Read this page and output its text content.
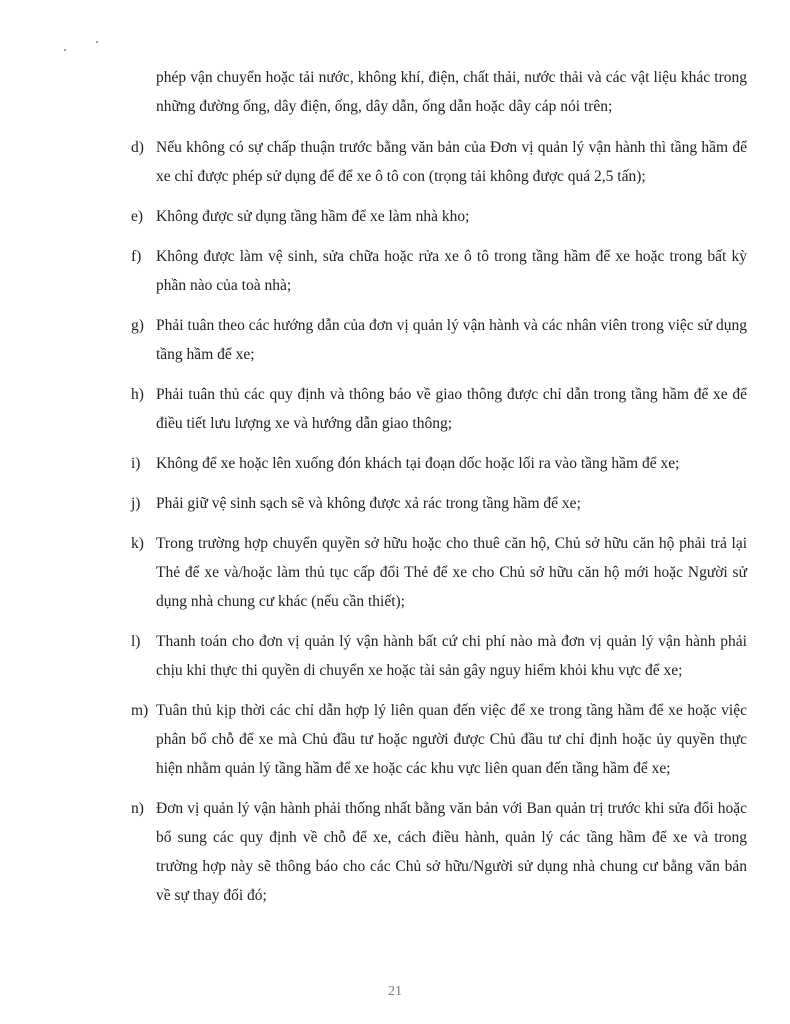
phép vận chuyển hoặc tải nước, không khí, điện, chất thải, nước thải và các vật liệu khác trong những đường ống, dây điện, ống, dây dẫn, ống dẫn hoặc dây cáp nói trên;
d) Nếu không có sự chấp thuận trước bằng văn bản của Đơn vị quản lý vận hành thì tầng hầm để xe chỉ được phép sử dụng để để xe ô tô con (trọng tải không được quá 2,5 tấn);
e) Không được sử dụng tầng hầm để xe làm nhà kho;
f) Không được làm vệ sinh, sửa chữa hoặc rửa xe ô tô trong tầng hầm để xe hoặc trong bất kỳ phần nào của toà nhà;
g) Phải tuân theo các hướng dẫn của đơn vị quản lý vận hành và các nhân viên trong việc sử dụng tầng hầm để xe;
h) Phải tuân thủ các quy định và thông báo về giao thông được chỉ dẫn trong tầng hầm để xe để điều tiết lưu lượng xe và hướng dẫn giao thông;
i)	Không để xe hoặc lên xuống đón khách tại đoạn dốc hoặc lối ra vào tầng hầm để xe;
j)	Phải giữ vệ sinh sạch sẽ và không được xả rác trong tầng hầm để xe;
k) Trong trường hợp chuyển quyền sở hữu hoặc cho thuê căn hộ, Chủ sở hữu căn hộ phải trả lại Thẻ để xe và/hoặc làm thủ tục cấp đổi Thẻ để xe cho Chủ sở hữu căn hộ mới hoặc Người sử dụng nhà chung cư khác (nếu cần thiết);
l)	Thanh toán cho đơn vị quản lý vận hành bất cứ chi phí nào mà đơn vị quản lý vận hành phải chịu khi thực thi quyền di chuyển xe hoặc tài sản gây nguy hiểm khỏi khu vực để xe;
m) Tuân thủ kịp thời các chỉ dẫn hợp lý liên quan đến việc để xe trong tầng hầm để xe hoặc việc phân bổ chỗ để xe mà Chủ đầu tư hoặc người được Chủ đầu tư chỉ định hoặc ủy quyền thực hiện nhằm quản lý tầng hầm để xe hoặc các khu vực liên quan đến tầng hầm để xe;
n) Đơn vị quản lý vận hành phải thống nhất bằng văn bản với Ban quản trị trước khi sửa đổi hoặc bổ sung các quy định về chỗ để xe, cách điều hành, quản lý các tầng hầm để xe và trong trường hợp này sẽ thông báo cho các Chủ sở hữu/Người sử dụng nhà chung cư bằng văn bản về sự thay đổi đó;
21
